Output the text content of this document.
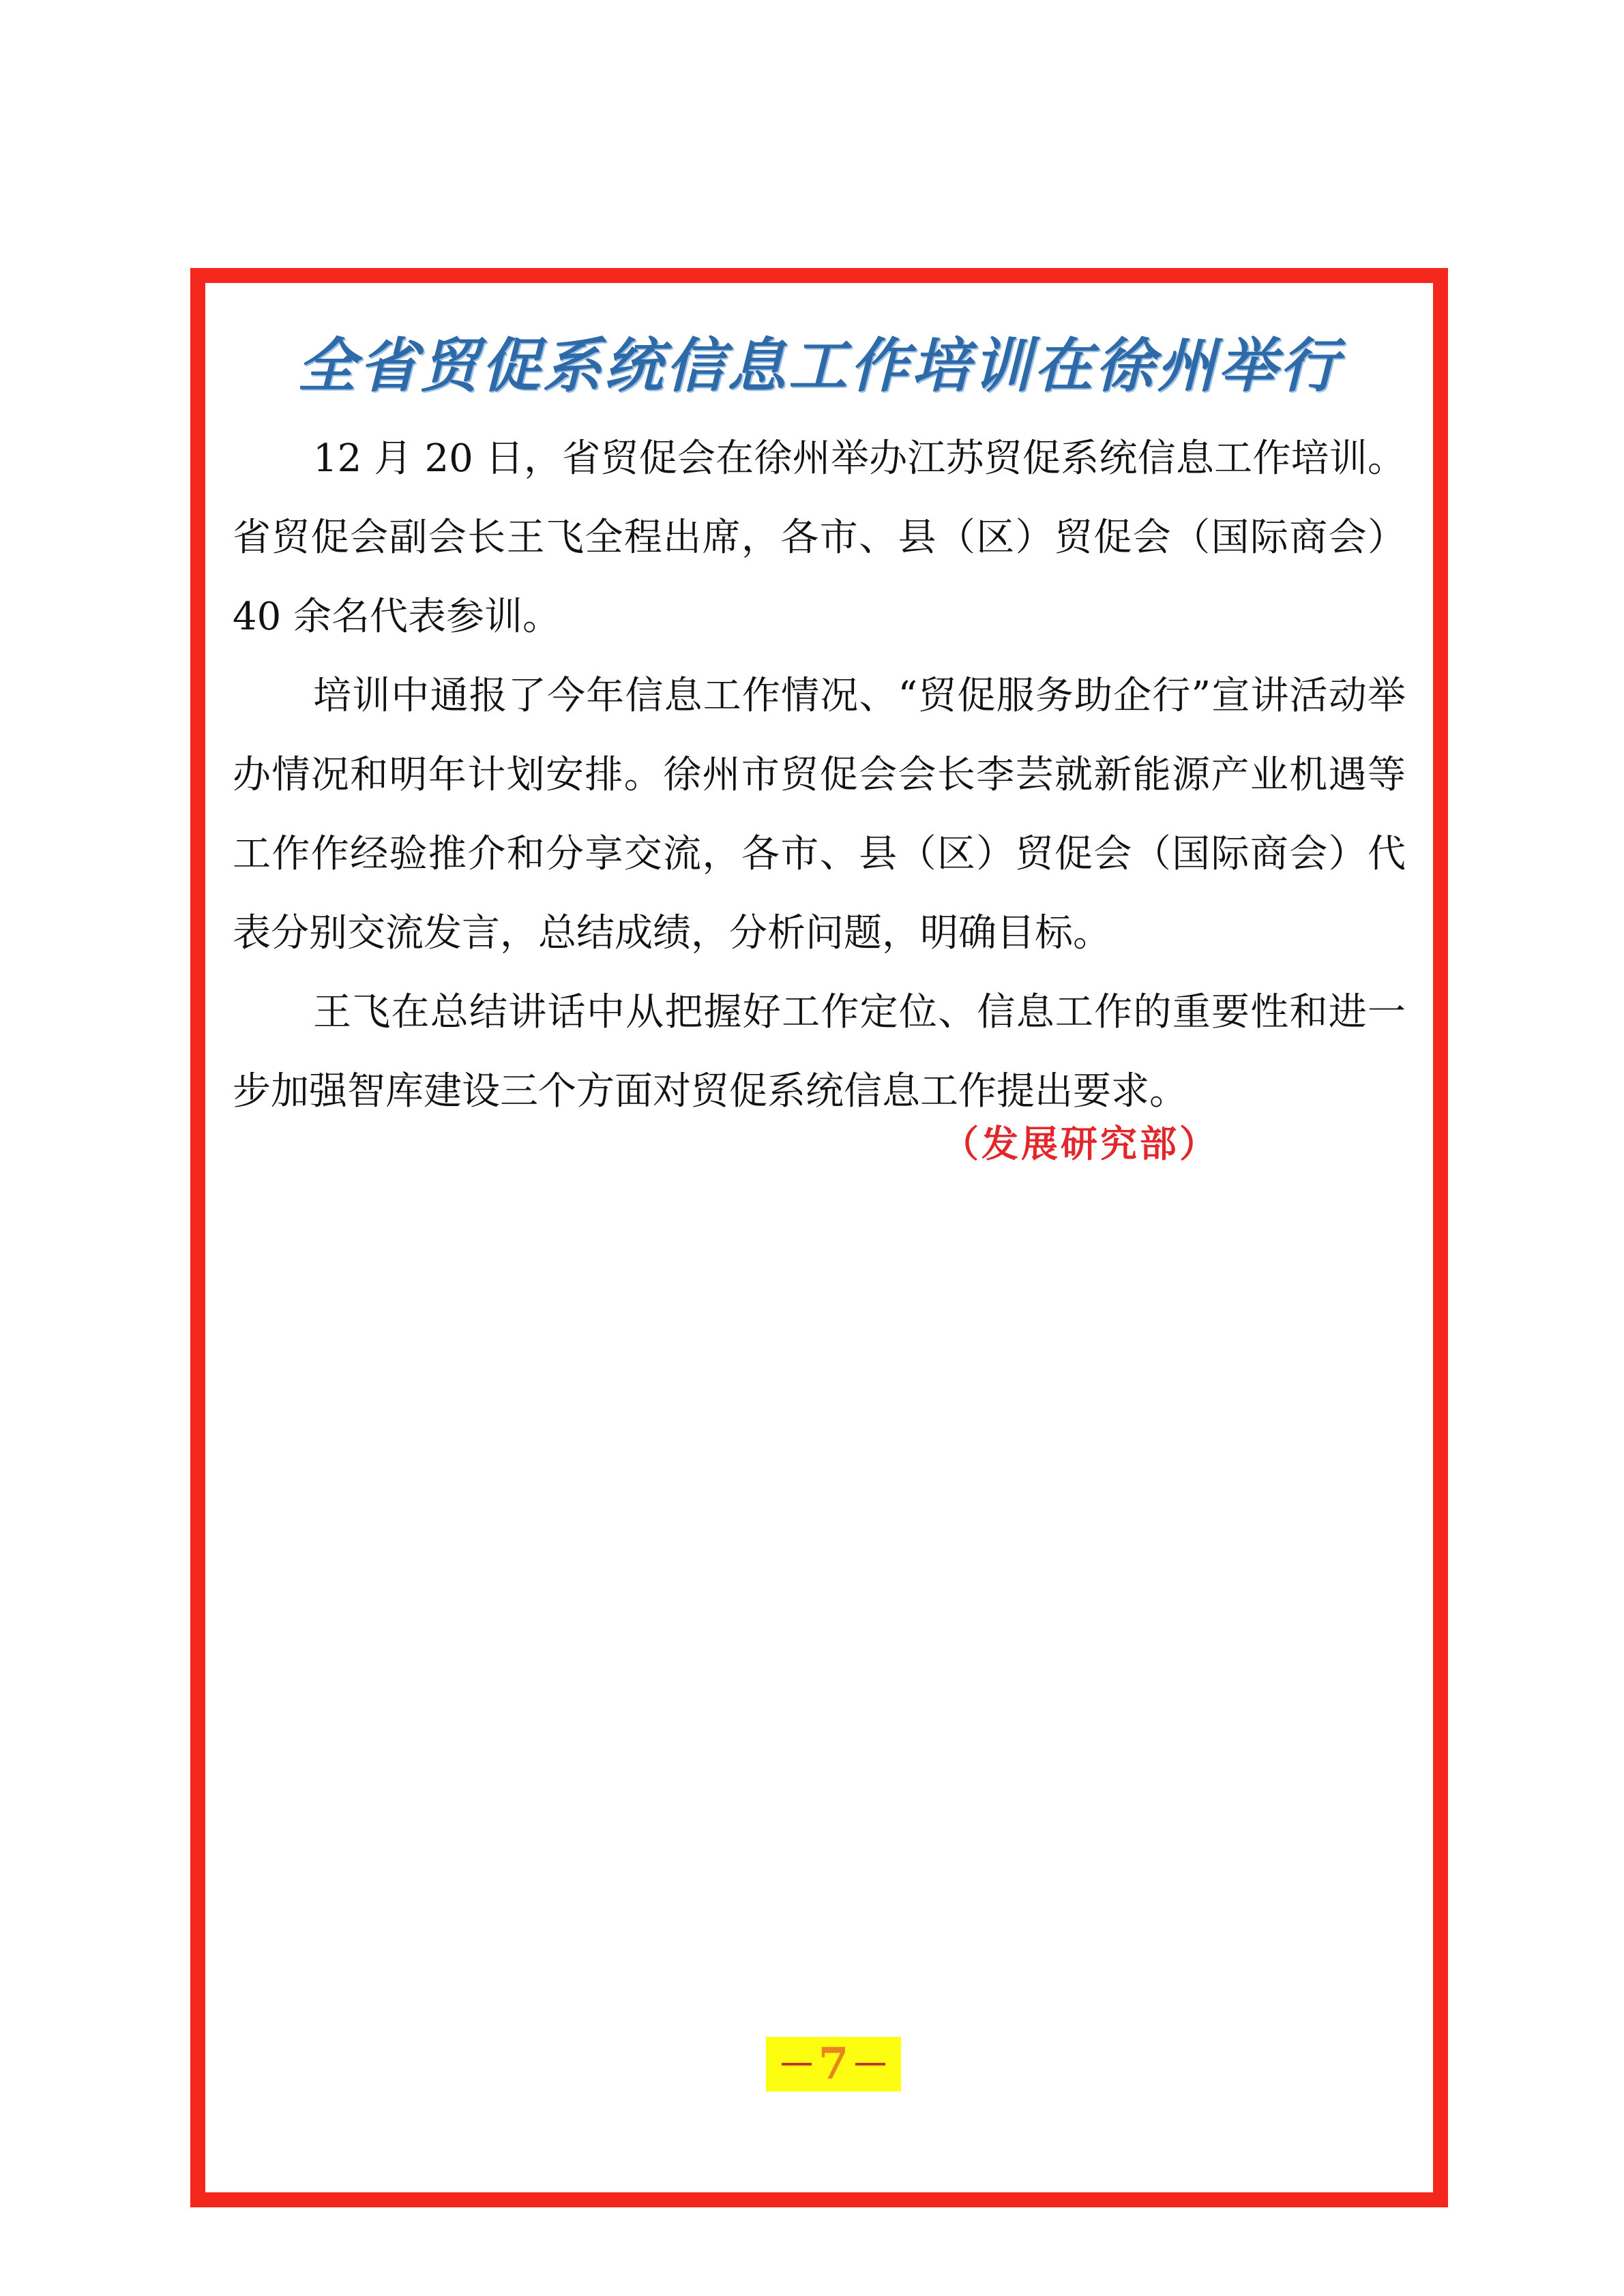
全省贸促系统信息工作培训在徐州举行

12 月 20 日，省贸促会在徐州举办江苏贸促系统信息工作培训。省贸促会副会长王飞全程出席，各市、县（区）贸促会（国际商会）40 余名代表参训。

培训中通报了今年信息工作情况、“贸促服务助企行”宣讲活动举办情况和明年计划安排。徐州市贸促会会长李芸就新能源产业机遇等工作作经验推介和分享交流，各市、县（区）贸促会（国际商会）代表分别交流发言，总结成绩，分析问题，明确目标。

王飞在总结讲话中从把握好工作定位、信息工作的重要性和进一步加强智库建设三个方面对贸促系统信息工作提出要求。

（发展研究部）
7
